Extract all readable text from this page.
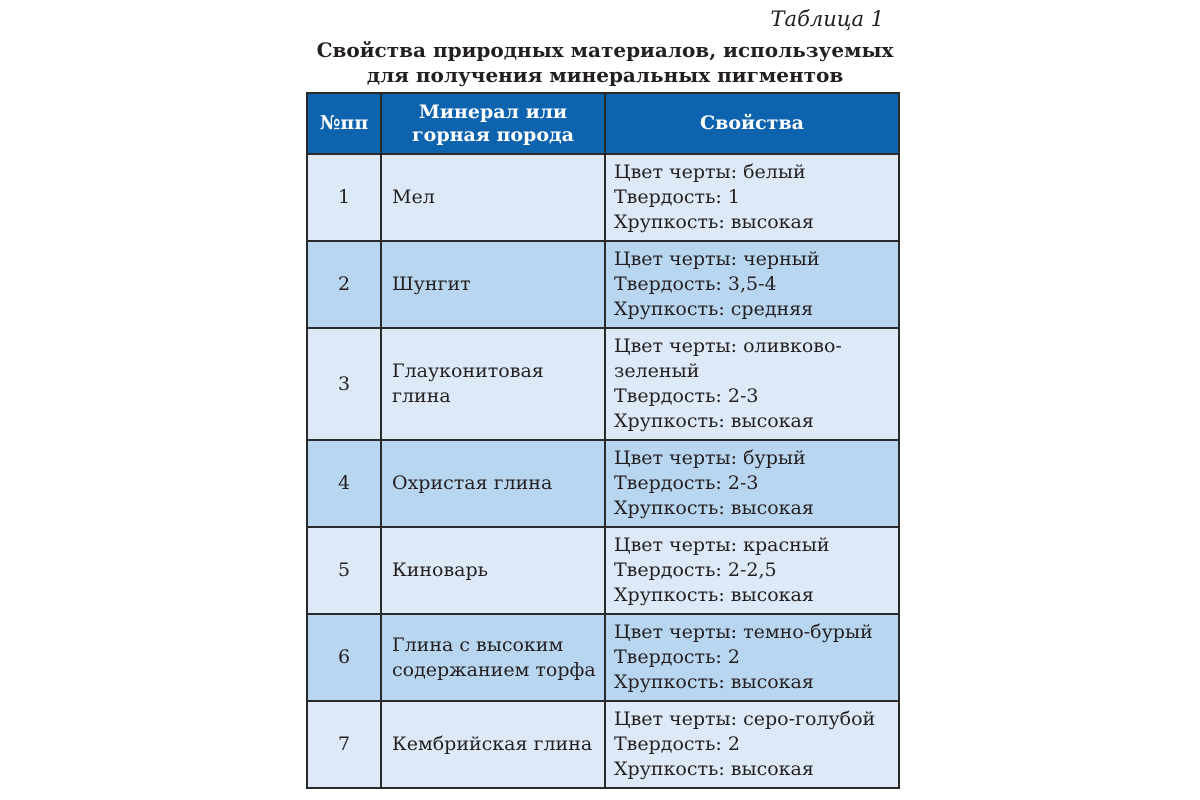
Таблица 1
Свойства природных материалов, используемых для получения минеральных пигментов
№пп	Минерал или горная порода	Свойства
1	Мел	Цвет черты: белый
Твердость: 1
Хрупкость: высокая

2	Шунгит	Цвет черты: черный
Твердость: 3,5-4
Хрупкость: средняя

3	Глауконитовая глина	Цвет черты: оливково-зеленый
Твердость: 2-3
Хрупкость: высокая

4	Охристая глина	Цвет черты: бурый
Твердость: 2-3
Хрупкость: высокая

5	Киноварь	Цвет черты: красный
Твердость: 2-2,5
Хрупкость: высокая

6	Глина с высоким содержанием торфа	Цвет черты: темно-бурый
Твердость: 2
Хрупкость: высокая

7	Кембрийская глина	Цвет черты: серо-голубой
Твердость: 2
Хрупкость: высокая
